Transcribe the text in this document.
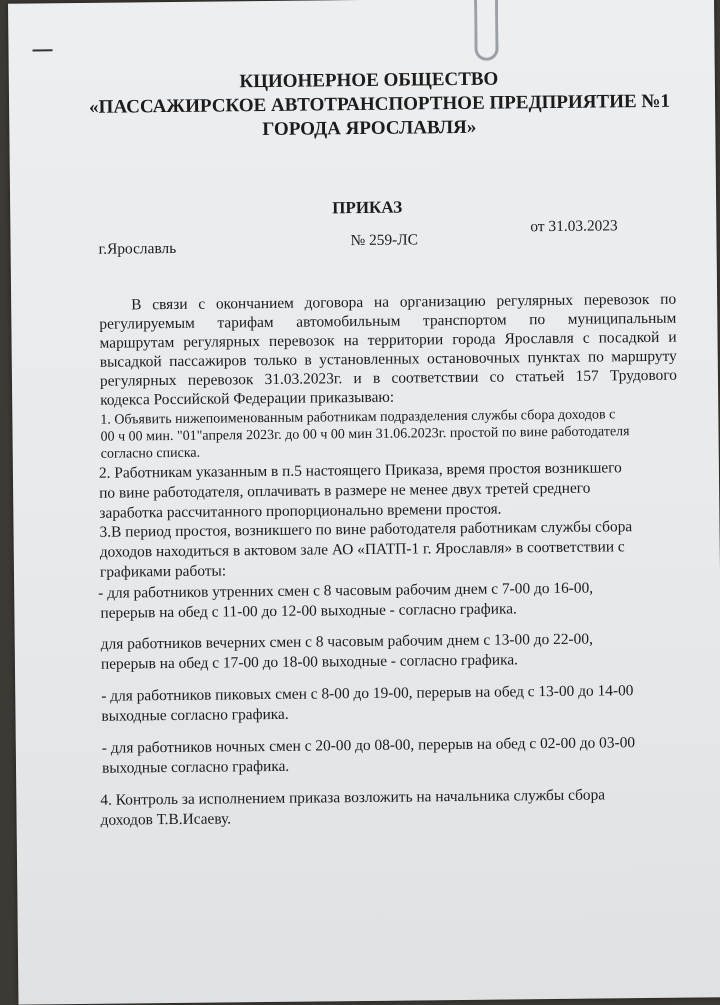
КЦИОНЕРНОЕ ОБЩЕСТВО
«ПАССАЖИРСКОЕ АВТОТРАНСПОРТНОЕ ПРЕДПРИЯТИЕ №1
ГОРОДА ЯРОСЛАВЛЯ»
ПРИКАЗ
г.Ярославль	№ 259-ЛС
от 31.03.2023
В связи с окончанием договора на организацию регулярных перевозок по
регулируемым тарифам автомобильным транспортом по муниципальным
маршрутам регулярных перевозок на территории города Ярославля с посадкой и
высадкой пассажиров только в установленных остановочных пунктах по маршруту
регулярных перевозок 31.03.2023г. и в соответствии со статьей 157 Трудового
кодекса Российской Федерации приказываю:
1. Объявить нижепоименованным работникам подразделения службы сбора доходов с
00 ч 00 мин. "01"апреля 2023г. до 00 ч 00 мин 31.06.2023г. простой по вине работодателя
согласно списка.
2. Работникам указанным в п.5 настоящего Приказа, время простоя возникшего
по вине работодателя, оплачивать в размере не менее двух третей среднего
заработка рассчитанного пропорционально времени простоя.
3.В период простоя, возникшего по вине работодателя работникам службы сбора
доходов находиться в актовом зале АО «ПАТП-1 г. Ярославля» в соответствии с
графиками работы:
- для работников утренних смен с 8 часовым рабочим днем с 7-00 до 16-00,
перерыв на обед с 11-00 до 12-00 выходные - согласно графика.
для работников вечерних смен с 8 часовым рабочим днем с 13-00 до 22-00,
перерыв на обед с 17-00 до 18-00 выходные - согласно графика.
- для работников пиковых смен с 8-00 до 19-00, перерыв на обед с 13-00 до 14-00
выходные согласно графика.
- для работников ночных смен с 20-00 до 08-00, перерыв на обед с 02-00 до 03-00
выходные согласно графика.
4. Контроль за исполнением приказа возложить на начальника службы сбора
доходов Т.В.Исаеву.
